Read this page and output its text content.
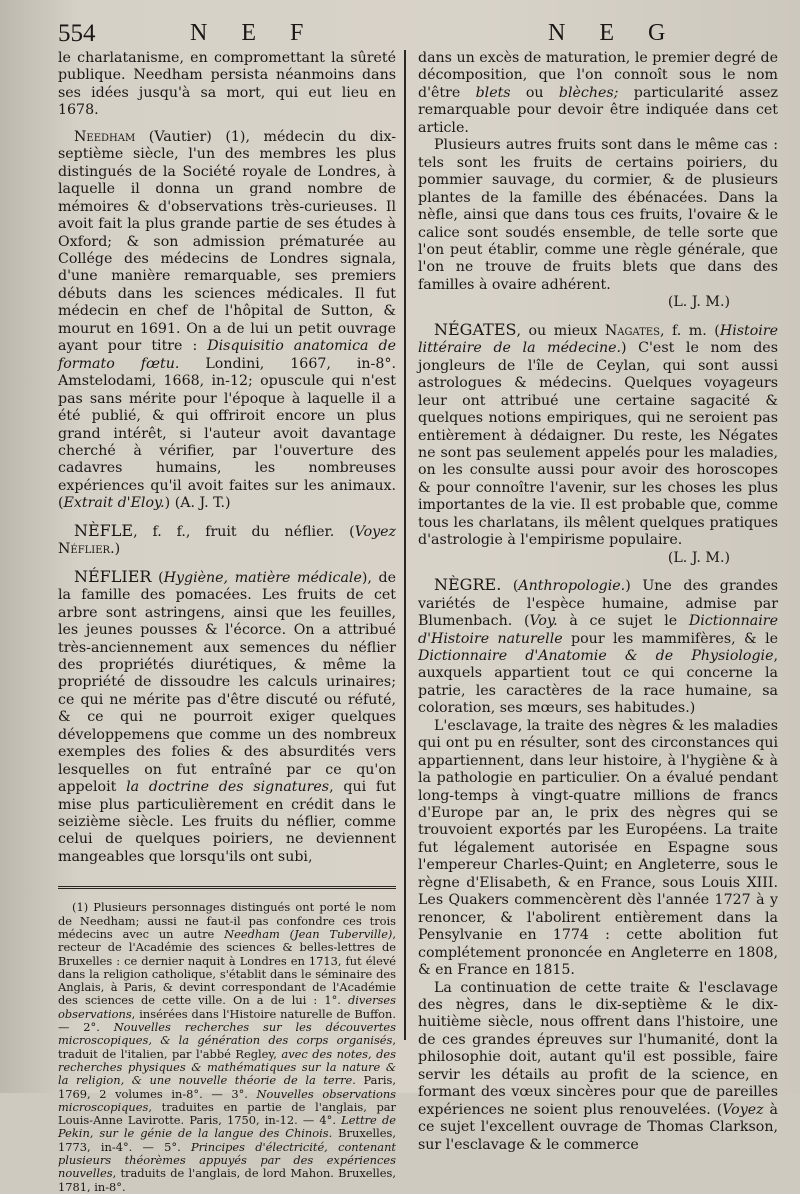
554	N E F	N E G

le charlatanisme, en compromettant la sûreté publique. Needham persista néanmoins dans ses idées jusqu'à sa mort, qui eut lieu en 1678.

Needham (Vautier) (1), médecin du dix-septième siècle, l'un des membres les plus distingués de la Société royale de Londres, à laquelle il donna un grand nombre de mémoires & d'observations très-curieuses. Il avoit fait la plus grande partie de ses études à Oxford; & son admission prématurée au Collége des médecins de Londres signala, d'une manière remarquable, ses premiers débuts dans les sciences médicales. Il fut médecin en chef de l'hôpital de Sutton, & mourut en 1691. On a de lui un petit ouvrage ayant pour titre : Disquisitio anatomica de formato fœtu. Londini, 1667, in-8°. Amstelodami, 1668, in-12; opuscule qui n'est pas sans mérite pour l'époque à laquelle il a été publié, & qui offriroit encore un plus grand intérêt, si l'auteur avoit davantage cherché à vérifier, par l'ouverture des cadavres humains, les nombreuses expériences qu'il avoit faites sur les animaux. (Extrait d'Eloy.) (A. J. T.)

NÈFLE, f. f., fruit du néflier. (Voyez Néflier.)

NÉFLIER (Hygiène, matière médicale), de la famille des pomacées. Les fruits de cet arbre sont astringens, ainsi que les feuilles, les jeunes pousses & l'écorce. On a attribué très-anciennement aux semences du néflier des propriétés diurétiques, & même la propriété de dissoudre les calculs urinaires; ce qui ne mérite pas d'être discuté ou réfuté, & ce qui ne pourroit exiger quelques développemens que comme un des nombreux exemples des folies & des absurdités vers lesquelles on fut entraîné par ce qu'on appeloit la doctrine des signatures, qui fut mise plus particulièrement en crédit dans le seizième siècle. Les fruits du néflier, comme celui de quelques poiriers, ne deviennent mangeables que lorsqu'ils ont subi,

(1) Plusieurs personnages distingués ont porté le nom de Needham; aussi ne faut-il pas confondre ces trois médecins avec un autre Needham (Jean Tuberville), recteur de l'Académie des sciences & belles-lettres de Bruxelles : ce dernier naquit à Londres en 1713, fut élevé dans la religion catholique, s'établit dans le séminaire des Anglais, à Paris, & devint correspondant de l'Académie des sciences de cette ville. On a de lui : 1°. diverses observations, insérées dans l'Histoire naturelle de Buffon. — 2°. Nouvelles recherches sur les découvertes microscopiques, & la génération des corps organisés, traduit de l'italien, par l'abbé Regley, avec des notes, des recherches physiques & mathématiques sur la nature & la religion, & une nouvelle théorie de la terre. Paris, 1769, 2 volumes in-8°. — 3°. Nouvelles observations microscopiques, traduites en partie de l'anglais, par Louis-Anne Lavirotte. Paris, 1750, in-12. — 4°. Lettre de Pekin, sur le génie de la langue des Chinois. Bruxelles, 1773, in-4°. — 5°. Principes d'électricité, contenant plusieurs théorèmes appuyés par des expériences nouvelles, traduits de l'anglais, de lord Mahon. Bruxelles, 1781, in-8°.

dans un excès de maturation, le premier degré de décomposition, que l'on connoît sous le nom d'être blets ou blèches; particularité assez remarquable pour devoir être indiquée dans cet article.

Plusieurs autres fruits sont dans le même cas : tels sont les fruits de certains poiriers, du pommier sauvage, du cormier, & de plusieurs plantes de la famille des ébénacées. Dans la nèfle, ainsi que dans tous ces fruits, l'ovaire & le calice sont soudés ensemble, de telle sorte que l'on peut établir, comme une règle générale, que l'on ne trouve de fruits blets que dans des familles à ovaire adhérent.

(L. J. M.)

NÉGATES, ou mieux Nagates, f. m. (Histoire littéraire de la médecine.) C'est le nom des jongleurs de l'île de Ceylan, qui sont aussi astrologues & médecins. Quelques voyageurs leur ont attribué une certaine sagacité & quelques notions empiriques, qui ne seroient pas entièrement à dédaigner. Du reste, les Négates ne sont pas seulement appelés pour les maladies, on les consulte aussi pour avoir des horoscopes & pour connoître l'avenir, sur les choses les plus importantes de la vie. Il est probable que, comme tous les charlatans, ils mêlent quelques pratiques d'astrologie à l'empirisme populaire.

(L. J. M.)

NÈGRE. (Anthropologie.) Une des grandes variétés de l'espèce humaine, admise par Blumenbach. (Voy. à ce sujet le Dictionnaire d'Histoire naturelle pour les mammifères, & le Dictionnaire d'Anatomie & de Physiologie, auxquels appartient tout ce qui concerne la patrie, les caractères de la race humaine, sa coloration, ses mœurs, ses habitudes.)

L'esclavage, la traite des nègres & les maladies qui ont pu en résulter, sont des circonstances qui appartiennent, dans leur histoire, à l'hygiène & à la pathologie en particulier. On a évalué pendant long-temps à vingt-quatre millions de francs d'Europe par an, le prix des nègres qui se trouvoient exportés par les Européens. La traite fut légalement autorisée en Espagne sous l'empereur Charles-Quint; en Angleterre, sous le règne d'Elisabeth, & en France, sous Louis XIII. Les Quakers commencèrent dès l'année 1727 à y renoncer, & l'abolirent entièrement dans la Pensylvanie en 1774 : cette abolition fut complétement prononcée en Angleterre en 1808, & en France en 1815.

La continuation de cette traite & l'esclavage des nègres, dans le dix-septième & le dix-huitième siècle, nous offrent dans l'histoire, une de ces grandes épreuves sur l'humanité, dont la philosophie doit, autant qu'il est possible, faire servir les détails au profit de la science, en formant des vœux sincères pour que de pareilles expériences ne soient plus renouvelées. (Voyez à ce sujet l'excellent ouvrage de Thomas Clarkson, sur l'esclavage & le commerce
